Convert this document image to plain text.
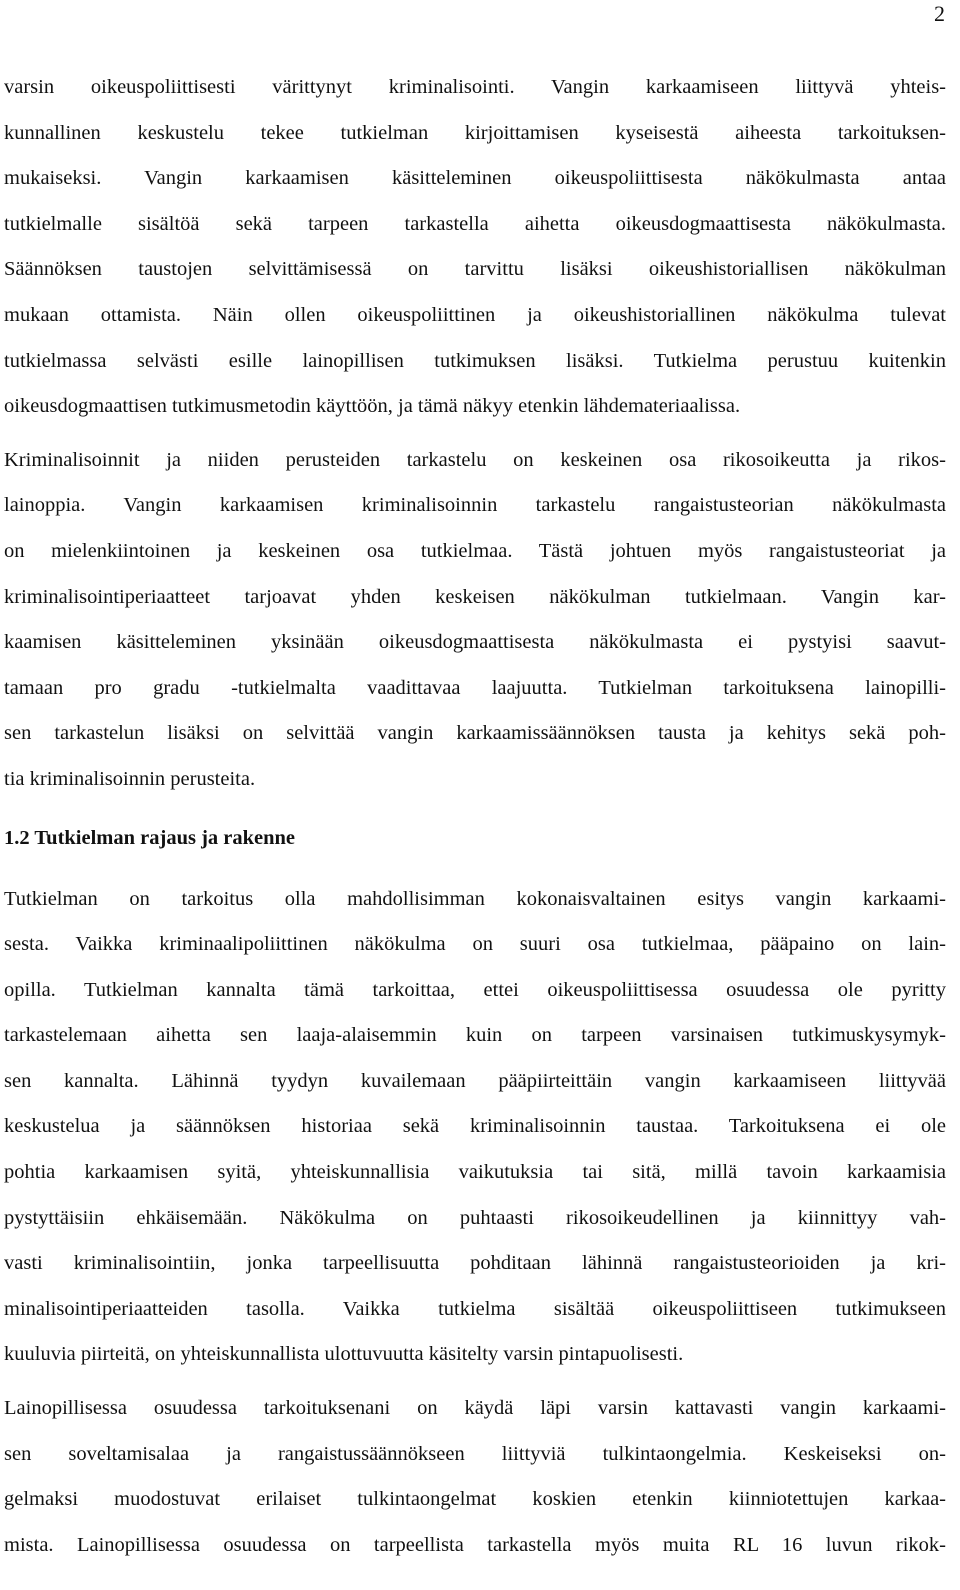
2
varsin oikeuspoliittisesti värittynyt kriminalisointi. Vangin karkaamiseen liittyvä yhteis-
kunnallinen keskustelu tekee tutkielman kirjoittamisen kyseisestä aiheesta tarkoituksen-
mukaiseksi. Vangin karkaamisen käsitteleminen oikeuspoliittisesta näkökulmasta antaa
tutkielmalle sisältöä sekä tarpeen tarkastella aihetta oikeusdogmaattisesta näkökulmasta.
Säännöksen taustojen selvittämisessä on tarvittu lisäksi oikeushistoriallisen näkökulman
mukaan ottamista. Näin ollen oikeuspoliittinen ja oikeushistoriallinen näkökulma tulevat
tutkielmassa selvästi esille lainopillisen tutkimuksen lisäksi. Tutkielma perustuu kuitenkin
oikeusdogmaattisen tutkimusmetodin käyttöön, ja tämä näkyy etenkin lähdemateriaalissa.
Kriminalisoinnit ja niiden perusteiden tarkastelu on keskeinen osa rikosoikeutta ja rikos-
lainoppia. Vangin karkaamisen kriminalisoinnin tarkastelu rangaistusteorian näkökulmasta
on mielenkiintoinen ja keskeinen osa tutkielmaa. Tästä johtuen myös rangaistusteoriat ja
kriminalisointiperiaatteet tarjoavat yhden keskeisen näkökulman tutkielmaan. Vangin kar-
kaamisen käsitteleminen yksinään oikeusdogmaattisesta näkökulmasta ei pystyisi saavut-
tamaan pro gradu -tutkielmalta vaadittavaa laajuutta. Tutkielman tarkoituksena lainopilli-
sen tarkastelun lisäksi on selvittää vangin karkaamissäännöksen tausta ja kehitys sekä poh-
tia kriminalisoinnin perusteita.
1.2 Tutkielman rajaus ja rakenne
Tutkielman on tarkoitus olla mahdollisimman kokonaisvaltainen esitys vangin karkaami-
sesta. Vaikka kriminaalipoliittinen näkökulma on suuri osa tutkielmaa, pääpaino on lain-
opilla. Tutkielman kannalta tämä tarkoittaa, ettei oikeuspoliittisessa osuudessa ole pyritty
tarkastelemaan aihetta sen laaja-alaisemmin kuin on tarpeen varsinaisen tutkimuskysymyk-
sen kannalta. Lähinnä tyydyn kuvailemaan pääpiirteittäin vangin karkaamiseen liittyvää
keskustelua ja säännöksen historiaa sekä kriminalisoinnin taustaa. Tarkoituksena ei ole
pohtia karkaamisen syitä, yhteiskunnallisia vaikutuksia tai sitä, millä tavoin karkaamisia
pystyttäisiin ehkäisemään. Näkökulma on puhtaasti rikosoikeudellinen ja kiinnittyy vah-
vasti kriminalisointiin, jonka tarpeellisuutta pohditaan lähinnä rangaistusteorioiden ja kri-
minalisointiperiaatteiden tasolla. Vaikka tutkielma sisältää oikeuspoliittiseen tutkimukseen
kuuluvia piirteitä, on yhteiskunnallista ulottuvuutta käsitelty varsin pintapuolisesti.
Lainopillisessa osuudessa tarkoituksenani on käydä läpi varsin kattavasti vangin karkaami-
sen soveltamisalaa ja rangaistussäännökseen liittyviä tulkintaongelmia. Keskeiseksi on-
gelmaksi muodostuvat erilaiset tulkintaongelmat koskien etenkin kiinniotettujen karkaa-
mista. Lainopillisessa osuudessa on tarpeellista tarkastella myös muita RL 16 luvun rikok-
